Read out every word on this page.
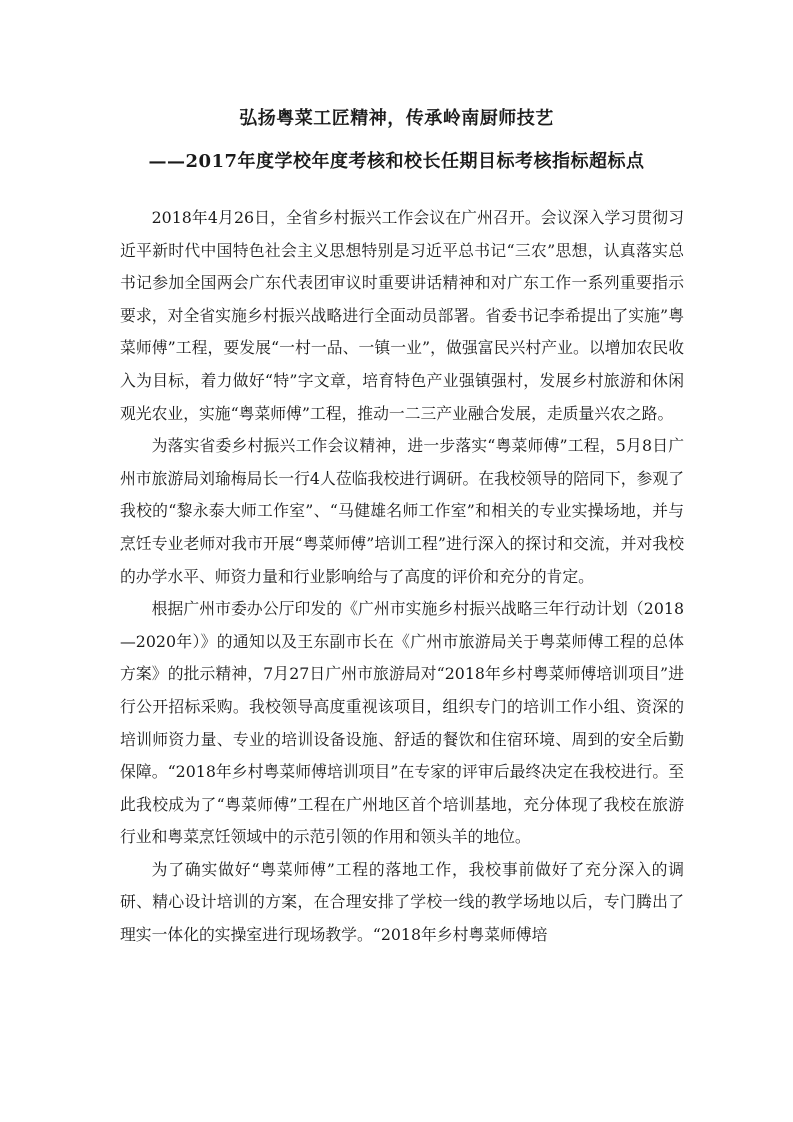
弘扬粤菜工匠精神，传承岭南厨师技艺
——2017年度学校年度考核和校长任期目标考核指标超标点

2018年4月26日，全省乡村振兴工作会议在广州召开。会议深入学习贯彻习近平新时代中国特色社会主义思想特别是习近平总书记“三农”思想，认真落实总书记参加全国两会广东代表团审议时重要讲话精神和对广东工作一系列重要指示要求，对全省实施乡村振兴战略进行全面动员部署。省委书记李希提出了实施”粤菜师傅”工程，要发展“一村一品、一镇一业”，做强富民兴村产业。以增加农民收入为目标，着力做好“特”字文章，培育特色产业强镇强村，发展乡村旅游和休闲观光农业，实施“粤菜师傅”工程，推动一二三产业融合发展，走质量兴农之路。

为落实省委乡村振兴工作会议精神，进一步落实“粤菜师傅”工程，5月8日广州市旅游局刘瑜梅局长一行4人莅临我校进行调研。在我校领导的陪同下，参观了我校的“黎永泰大师工作室”、“马健雄名师工作室”和相关的专业实操场地，并与烹饪专业老师对我市开展“粤菜师傅”培训工程”进行深入的探讨和交流，并对我校的办学水平、师资力量和行业影响给与了高度的评价和充分的肯定。

根据广州市委办公厅印发的《广州市实施乡村振兴战略三年行动计划（2018—2020年）》的通知以及王东副市长在《广州市旅游局关于粤菜师傅工程的总体方案》的批示精神，7月27日广州市旅游局对“2018年乡村粤菜师傅培训项目”进行公开招标采购。我校领导高度重视该项目，组织专门的培训工作小组、资深的培训师资力量、专业的培训设备设施、舒适的餐饮和住宿环境、周到的安全后勤保障。“2018年乡村粤菜师傅培训项目”在专家的评审后最终决定在我校进行。至此我校成为了“粤菜师傅”工程在广州地区首个培训基地，充分体现了我校在旅游行业和粤菜烹饪领域中的示范引领的作用和领头羊的地位。

为了确实做好“粤菜师傅”工程的落地工作，我校事前做好了充分深入的调研、精心设计培训的方案，在合理安排了学校一线的教学场地以后，专门腾出了理实一体化的实操室进行现场教学。“2018年乡村粤菜师傅培
